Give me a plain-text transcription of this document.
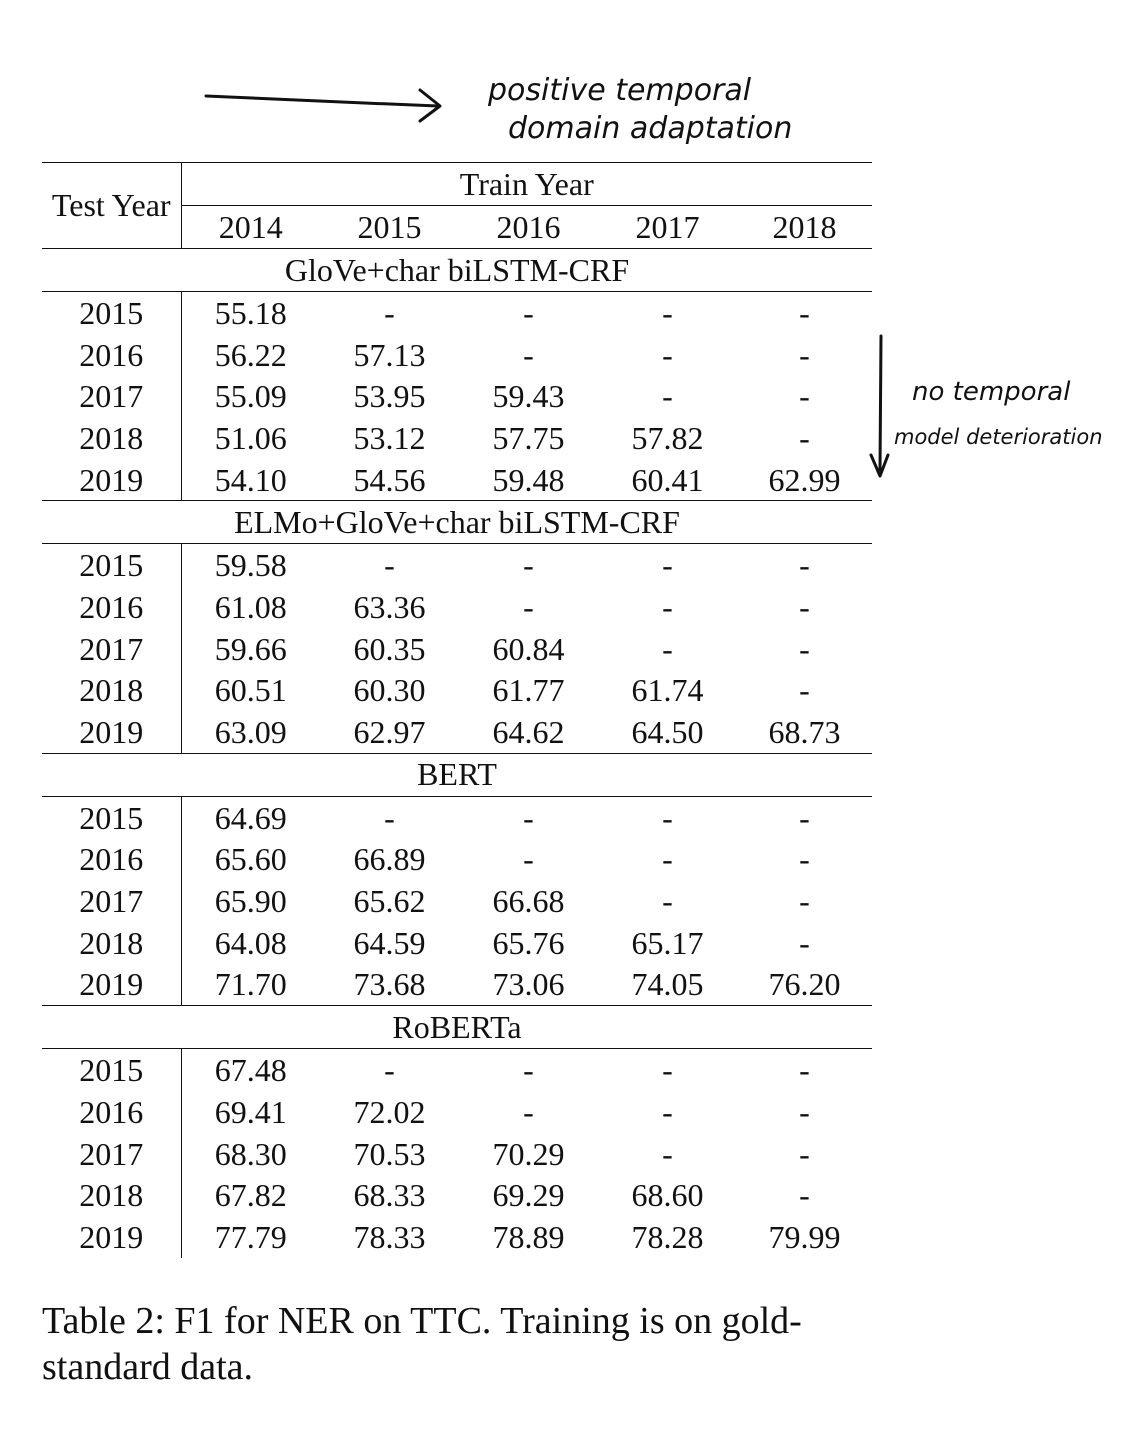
positive temporal
domain adaptation
no temporal
model deterioration
Test Year	Train Year				
	2014	2015	2016	2017	2018
GloVe+char biLSTM-CRF					
2015	55.18	-	-	-	-
2016	56.22	57.13	-	-	-
2017	55.09	53.95	59.43	-	-
2018	51.06	53.12	57.75	57.82	-
2019	54.10	54.56	59.48	60.41	62.99
ELMo+GloVe+char biLSTM-CRF					
2015	59.58	-	-	-	-
2016	61.08	63.36	-	-	-
2017	59.66	60.35	60.84	-	-
2018	60.51	60.30	61.77	61.74	-
2019	63.09	62.97	64.62	64.50	68.73
BERT					
2015	64.69	-	-	-	-
2016	65.60	66.89	-	-	-
2017	65.90	65.62	66.68	-	-
2018	64.08	64.59	65.76	65.17	-
2019	71.70	73.68	73.06	74.05	76.20
RoBERTa					
2015	67.48	-	-	-	-
2016	69.41	72.02	-	-	-
2017	68.30	70.53	70.29	-	-
2018	67.82	68.33	69.29	68.60	-
2019	77.79	78.33	78.89	78.28	79.99
Table 2: F1 for NER on TTC. Training is on gold-standard data.
